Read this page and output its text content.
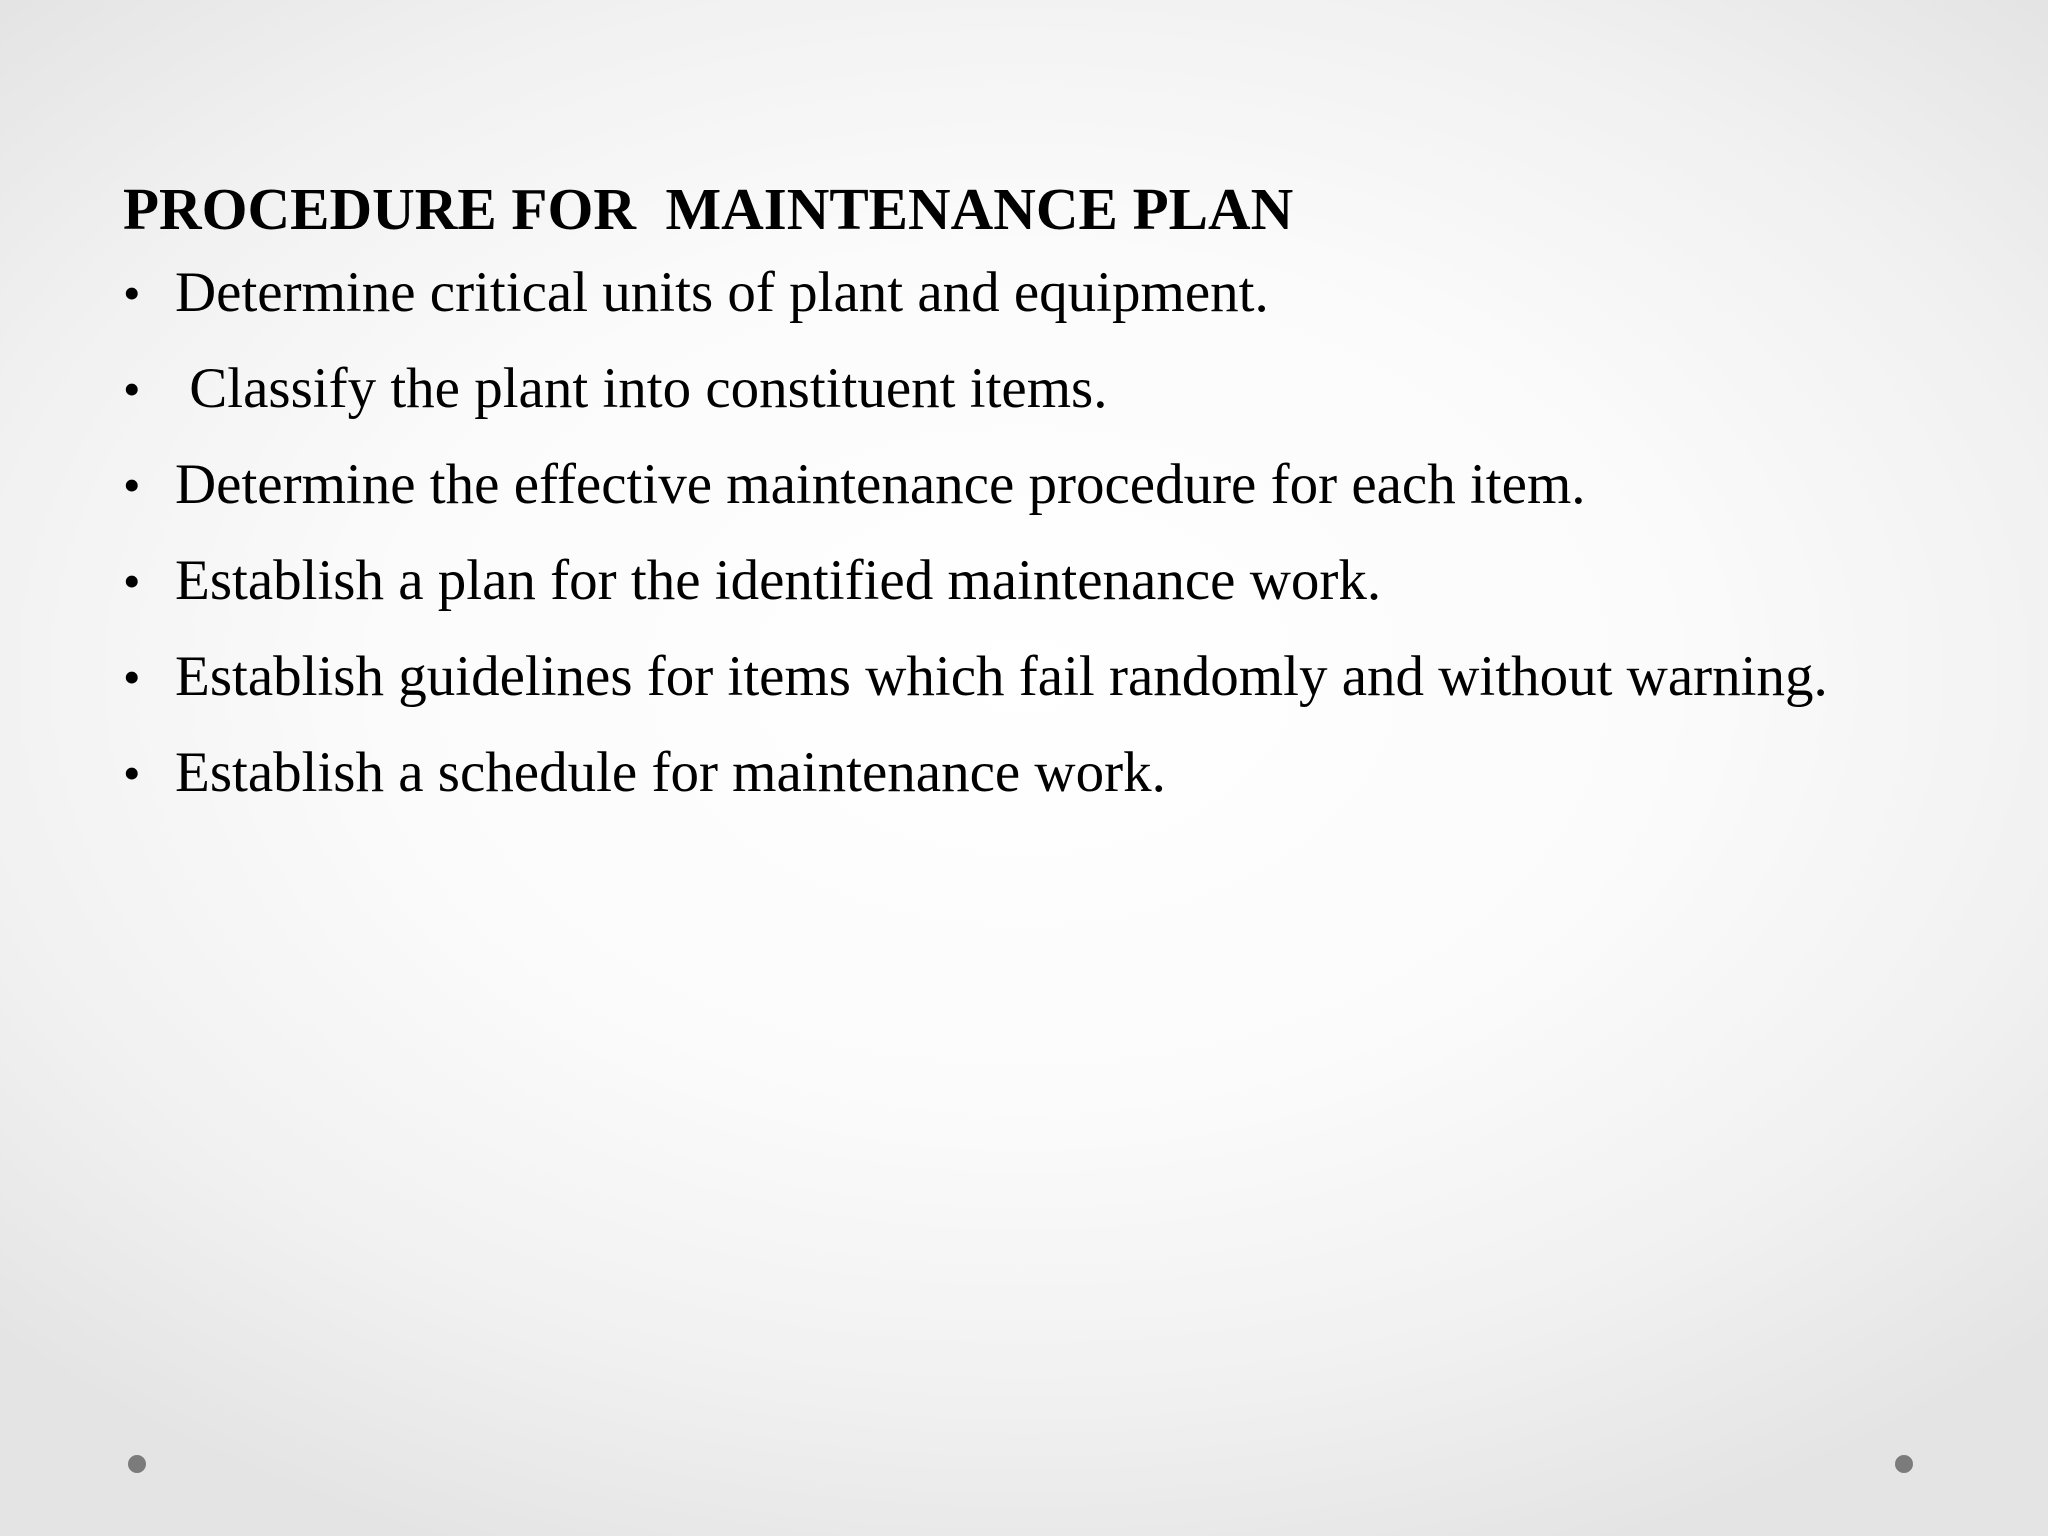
PROCEDURE FOR  MAINTENANCE PLAN
• Determine critical units of plant and equipment.
• Classify the plant into constituent items.
• Determine the effective maintenance procedure for each item.
• Establish a plan for the identified maintenance work.
• Establish guidelines for items which fail randomly and without warning.
• Establish a schedule for maintenance work.
